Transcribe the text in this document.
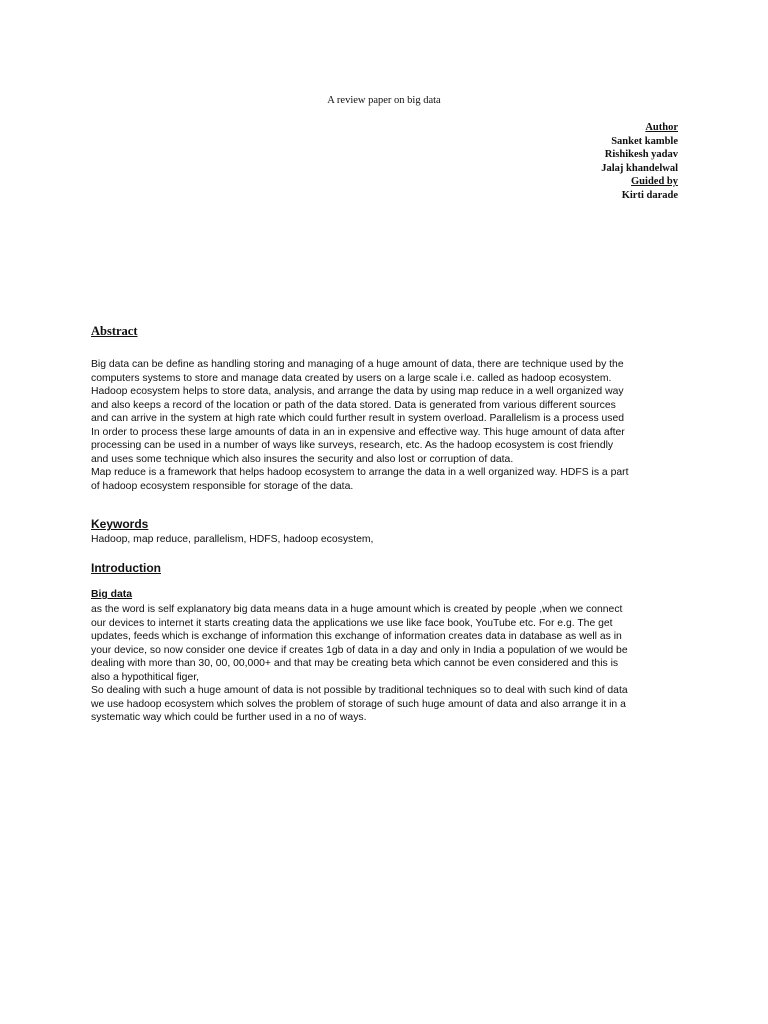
A review paper on big data
Author
Sanket kamble
Rishikesh yadav
Jalaj khandelwal
Guided by
Kirti darade
Abstract

Big data can be define as handling storing and managing of a huge amount of data, there are technique used by the

computers systems to store and manage data created by users on a large scale i.e. called as hadoop ecosystem.

Hadoop ecosystem helps to store data, analysis, and arrange the data by using map reduce in a well organized way

and also keeps a record of the location or path of the data stored. Data is generated from various different sources

and can arrive in the system at high rate which could further result in system overload. Parallelism is a process used

In order to process these large amounts of data in an in expensive and effective way. This huge amount of data after

processing can be used in a number of ways like surveys, research, etc. As the hadoop ecosystem is cost friendly

and uses some technique which also insures the security and also lost or corruption of data.

Map reduce is a framework that helps hadoop ecosystem to arrange the data in a well organized way. HDFS is a part

of hadoop ecosystem responsible for storage of the data.

Keywords

Hadoop, map reduce, parallelism, HDFS, hadoop ecosystem,

Introduction
Big data

as the word is self explanatory big data means data in a huge amount which is created by people ,when we connect

our devices to internet it starts creating data the applications we use like face book, YouTube etc. For e.g. The get

updates, feeds which is exchange of information this exchange of information creates data in database as well as in

your device, so now consider one device if creates 1gb of data in a day and only in India a population of we would be

dealing with more than 30, 00, 00,000+ and that may be creating beta which cannot be even considered and this is

also a hypothitical figer,

So dealing with such a huge amount of data is not possible by traditional techniques so to deal with such kind of data

we use hadoop ecosystem which solves the problem of storage of such huge amount of data and also arrange it in a

systematic way which could be further used in a no of ways.
